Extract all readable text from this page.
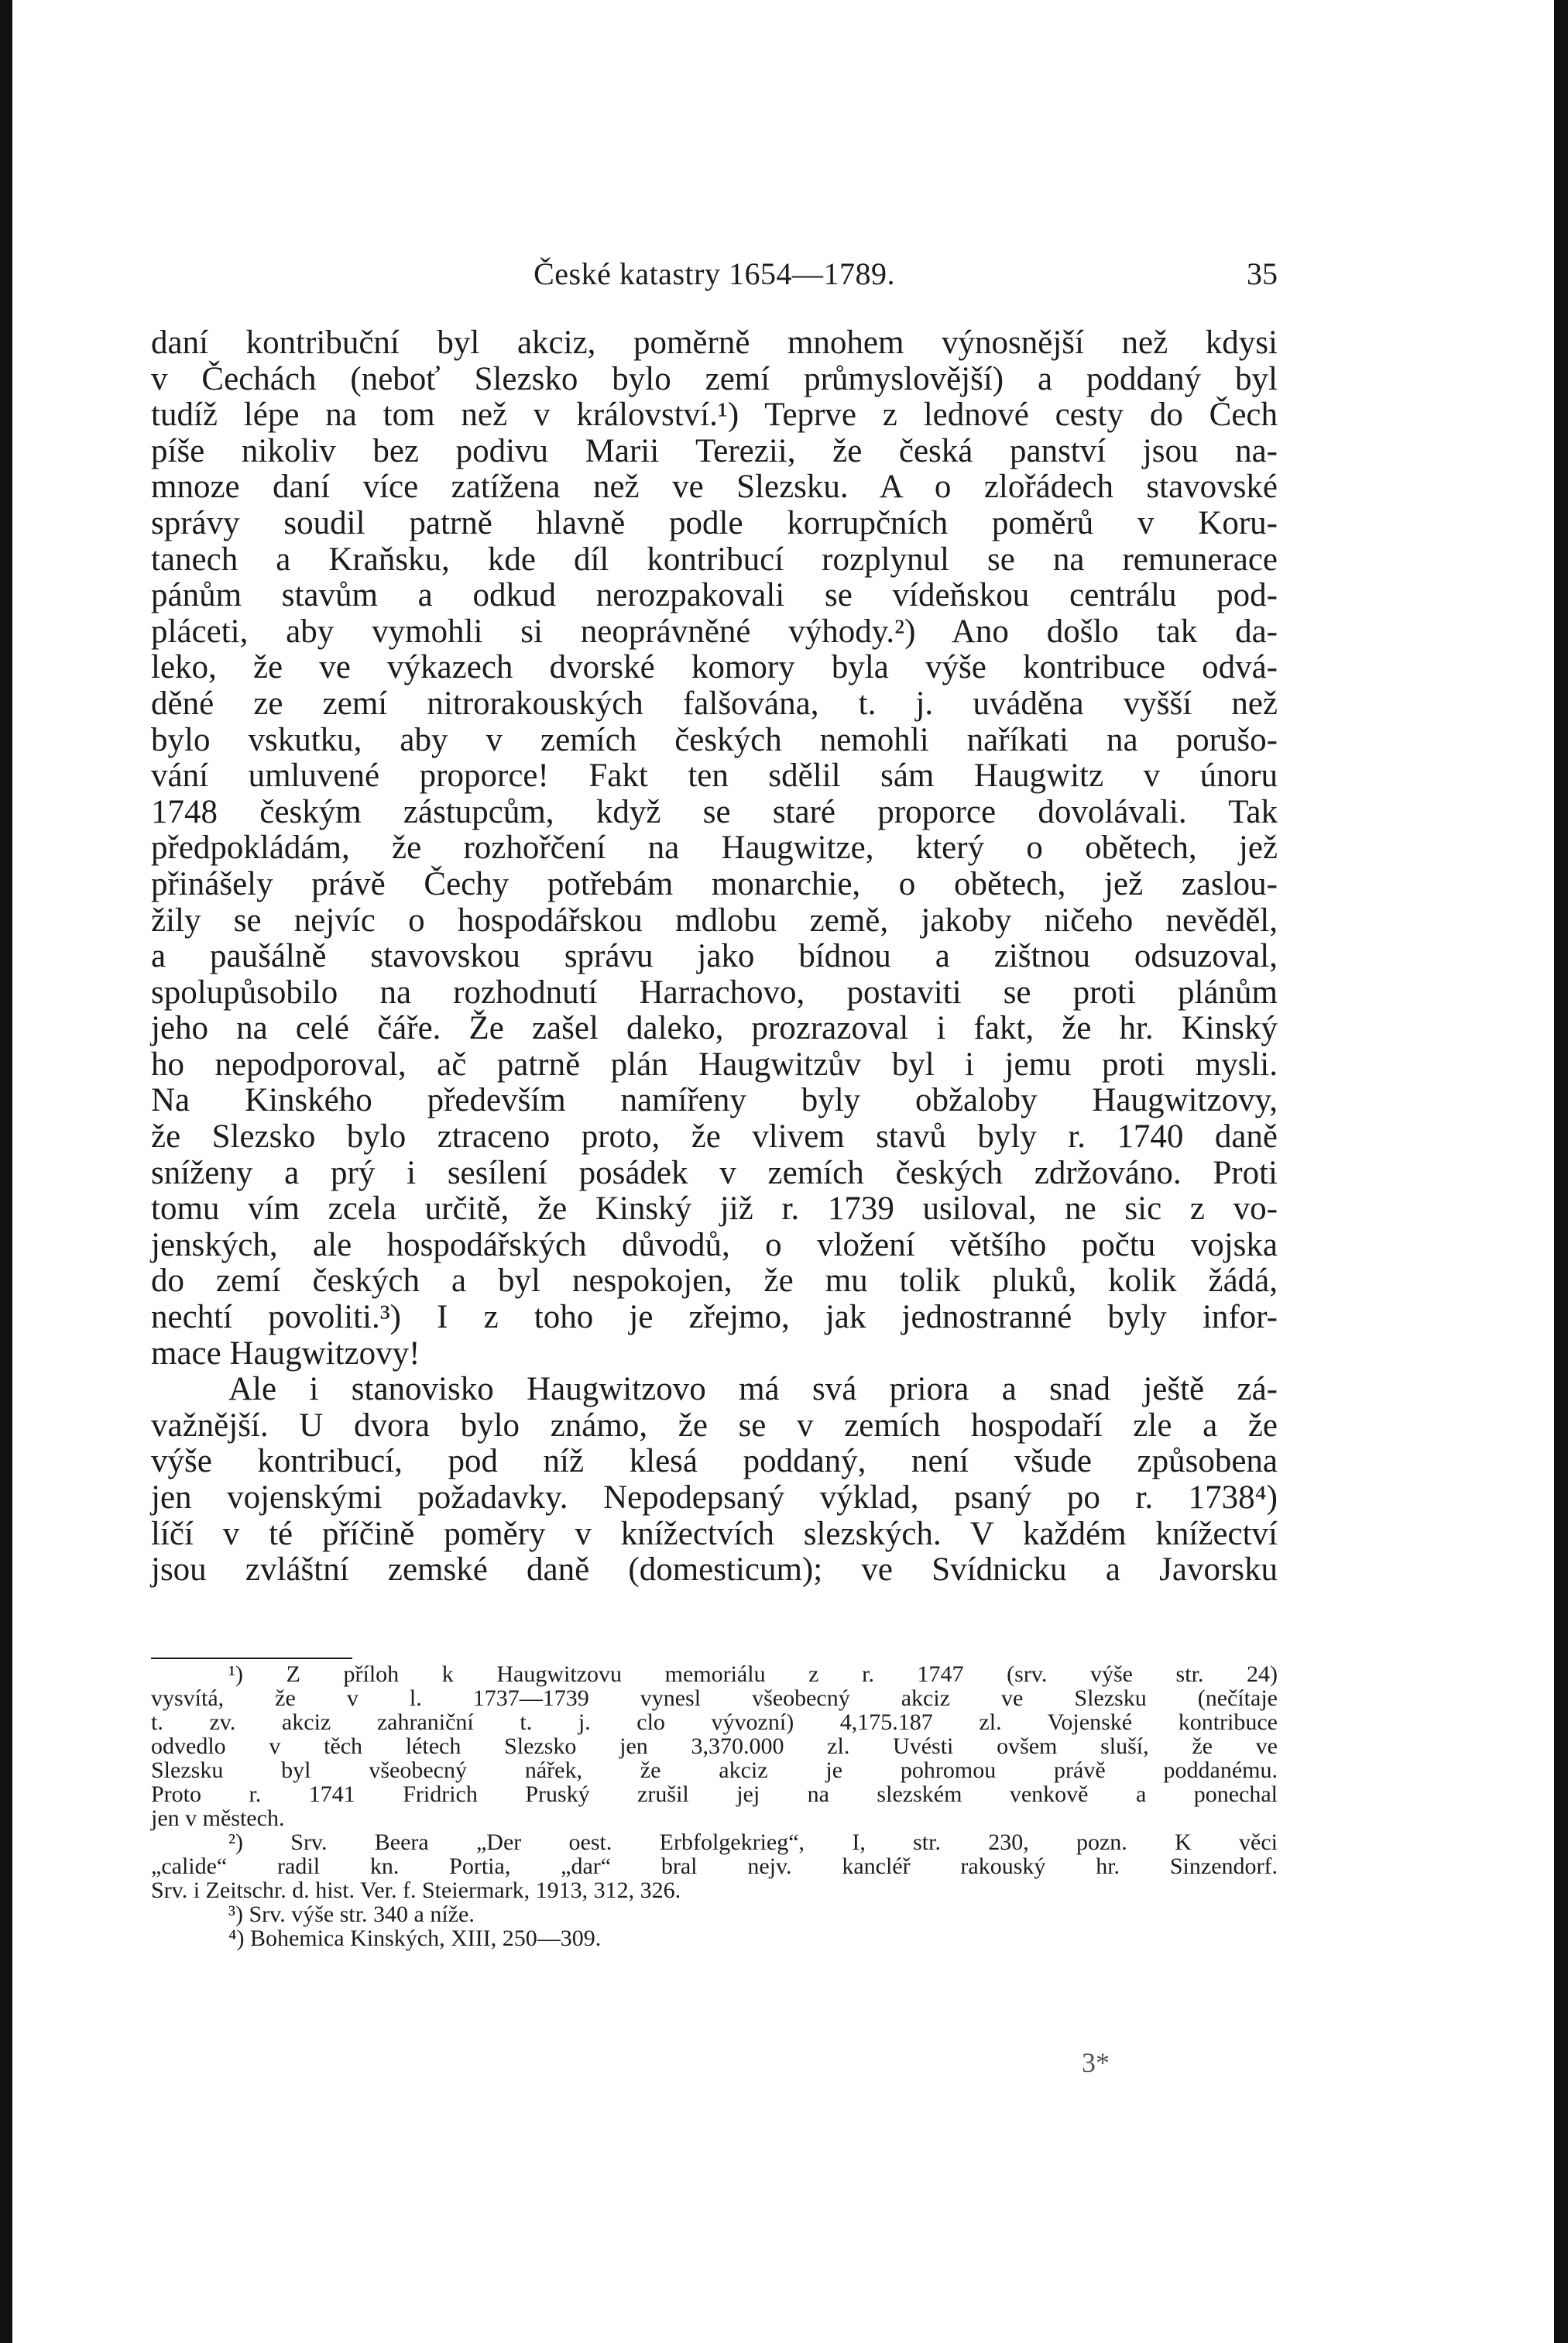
České katastry 1654—1789.	35
daní kontribuční byl akciz, poměrně mnohem výnosnější než kdysi
v Čechách (neboť Slezsko bylo zemí průmyslovější) a poddaný byl
tudíž lépe na tom než v království.¹) Teprve z lednové cesty do Čech
píše nikoliv bez podivu Marii Terezii, že česká panství jsou na-
mnoze daní více zatížena než ve Slezsku. A o zlořádech stavovské
správy soudil patrně hlavně podle korrupčních poměrů v Koru-
tanech a Kraňsku, kde díl kontribucí rozplynul se na remunerace
pánům stavům a odkud nerozpakovali se vídeňskou centrálu pod-
pláceti, aby vymohli si neoprávněné výhody.²) Ano došlo tak da-
leko, že ve výkazech dvorské komory byla výše kontribuce odvá-
děné ze zemí nitrorakouských falšována, t. j. uváděna vyšší než
bylo vskutku, aby v zemích českých nemohli naříkati na porušo-
vání umluvené proporce! Fakt ten sdělil sám Haugwitz v únoru
1748 českým zástupcům, když se staré proporce dovolávali. Tak
předpokládám, že rozhořčení na Haugwitze, který o obětech, jež
přinášely právě Čechy potřebám monarchie, o obětech, jež zaslou-
žily se nejvíc o hospodářskou mdlobu země, jakoby ničeho nevěděl,
a paušálně stavovskou správu jako bídnou a zištnou odsuzoval,
spolupůsobilo na rozhodnutí Harrachovo, postaviti se proti plánům
jeho na celé čáře. Že zašel daleko, prozrazoval i fakt, že hr. Kinský
ho nepodporoval, ač patrně plán Haugwitzův byl i jemu proti mysli.
Na Kinského především namířeny byly obžaloby Haugwitzovy,
že Slezsko bylo ztraceno proto, že vlivem stavů byly r. 1740 daně
sníženy a prý i sesílení posádek v zemích českých zdržováno. Proti
tomu vím zcela určitě, že Kinský již r. 1739 usiloval, ne sic z vo-
jenských, ale hospodářských důvodů, o vložení většího počtu vojska
do zemí českých a byl nespokojen, že mu tolik pluků, kolik žádá,
nechtí povoliti.³) I z toho je zřejmo, jak jednostranné byly infor-
mace Haugwitzovy!
Ale i stanovisko Haugwitzovo má svá priora a snad ještě zá-
važnější. U dvora bylo známo, že se v zemích hospodaří zle a že
výše kontribucí, pod níž klesá poddaný, není všude způsobena
jen vojenskými požadavky. Nepodepsaný výklad, psaný po r. 1738⁴)
líčí v té příčině poměry v knížectvích slezských. V každém knížectví
jsou zvláštní zemské daně (domesticum); ve Svídnicku a Javorsku
¹) Z příloh k Haugwitzovu memoriálu z r. 1747 (srv. výše str. 24)
vysvítá, že v l. 1737—1739 vynesl všeobecný akciz ve Slezsku (nečítaje
t. zv. akciz zahraniční t. j. clo vývozní) 4,175.187 zl. Vojenské kontribuce
odvedlo v těch létech Slezsko jen 3,370.000 zl. Uvésti ovšem sluší, že ve
Slezsku byl všeobecný nářek, že akciz je pohromou právě poddanému.
Proto r. 1741 Fridrich Pruský zrušil jej na slezském venkově a ponechal
jen v městech.
²) Srv. Beera „Der oest. Erbfolgekrieg“, I, str. 230, pozn. K věci
„calide“ radil kn. Portia, „dar“ bral nejv. kancléř rakouský hr. Sinzendorf.
Srv. i Zeitschr. d. hist. Ver. f. Steiermark, 1913, 312, 326.
³) Srv. výše str. 340 a níže.
⁴) Bohemica Kinských, XIII, 250—309.
3*
